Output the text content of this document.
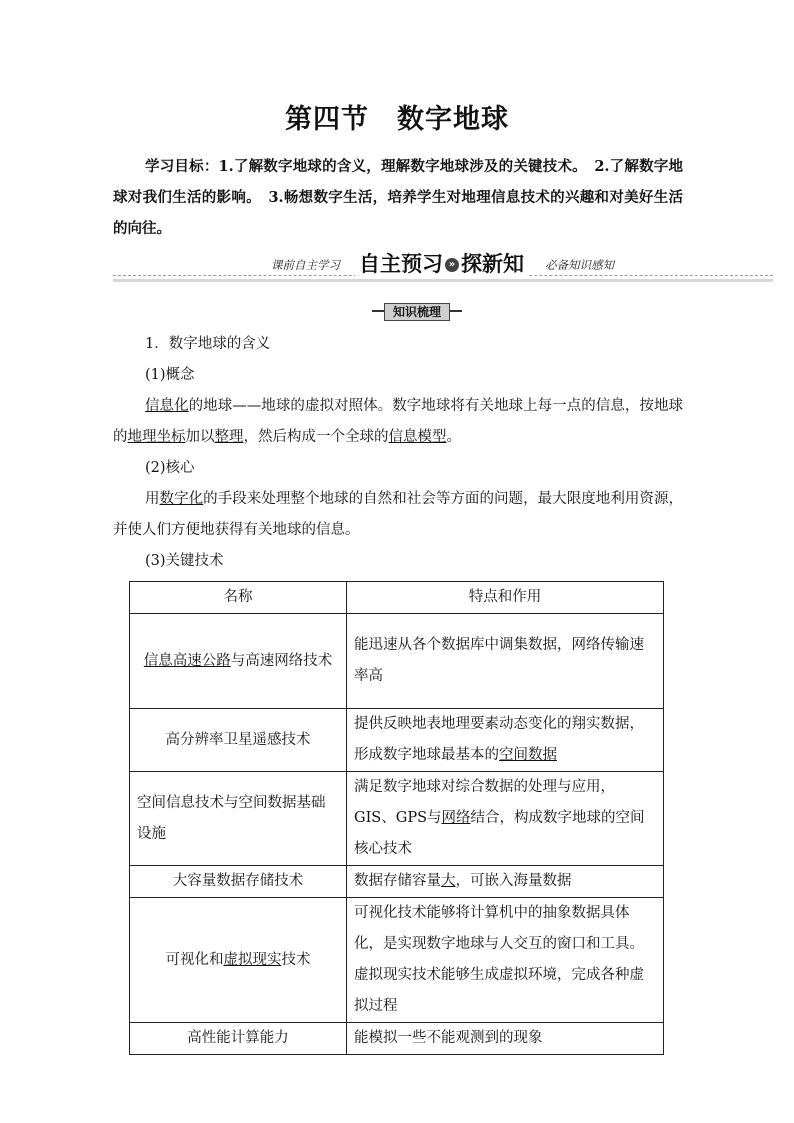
第四节 数字地球
学习目标：1.了解数字地球的含义，理解数字地球涉及的关键技术。　2.了解数字地球对我们生活的影响。　3.畅想数字生活，培养学生对地理信息技术的兴趣和对美好生活的向往。
课前自主学习 自主预习 » 探新知	必备知识感知
知识梳理
1．数字地球的含义
(1)概念
信息化的地球——地球的虚拟对照体。数字地球将有关地球上每一点的信息，按地球的地理坐标加以整理，然后构成一个全球的信息模型。
(2)核心
用数字化的手段来处理整个地球的自然和社会等方面的问题，最大限度地利用资源，并使人们方便地获得有关地球的信息。
(3)关键技术
名称	特点和作用
信息高速公路与高速网络技术	能迅速从各个数据库中调集数据，网络传输速率高
高分辨率卫星遥感技术	提供反映地表地理要素动态变化的翔实数据，形成数字地球最基本的空间数据
空间信息技术与空间数据基础设施	满足数字地球对综合数据的处理与应用，GIS、GPS与网络结合，构成数字地球的空间核心技术
大容量数据存储技术	数据存储容量大，可嵌入海量数据
可视化和虚拟现实技术	可视化技术能够将计算机中的抽象数据具体化，是实现数字地球与人交互的窗口和工具。虚拟现实技术能够生成虚拟环境，完成各种虚拟过程
高性能计算能力	能模拟一些不能观测到的现象
